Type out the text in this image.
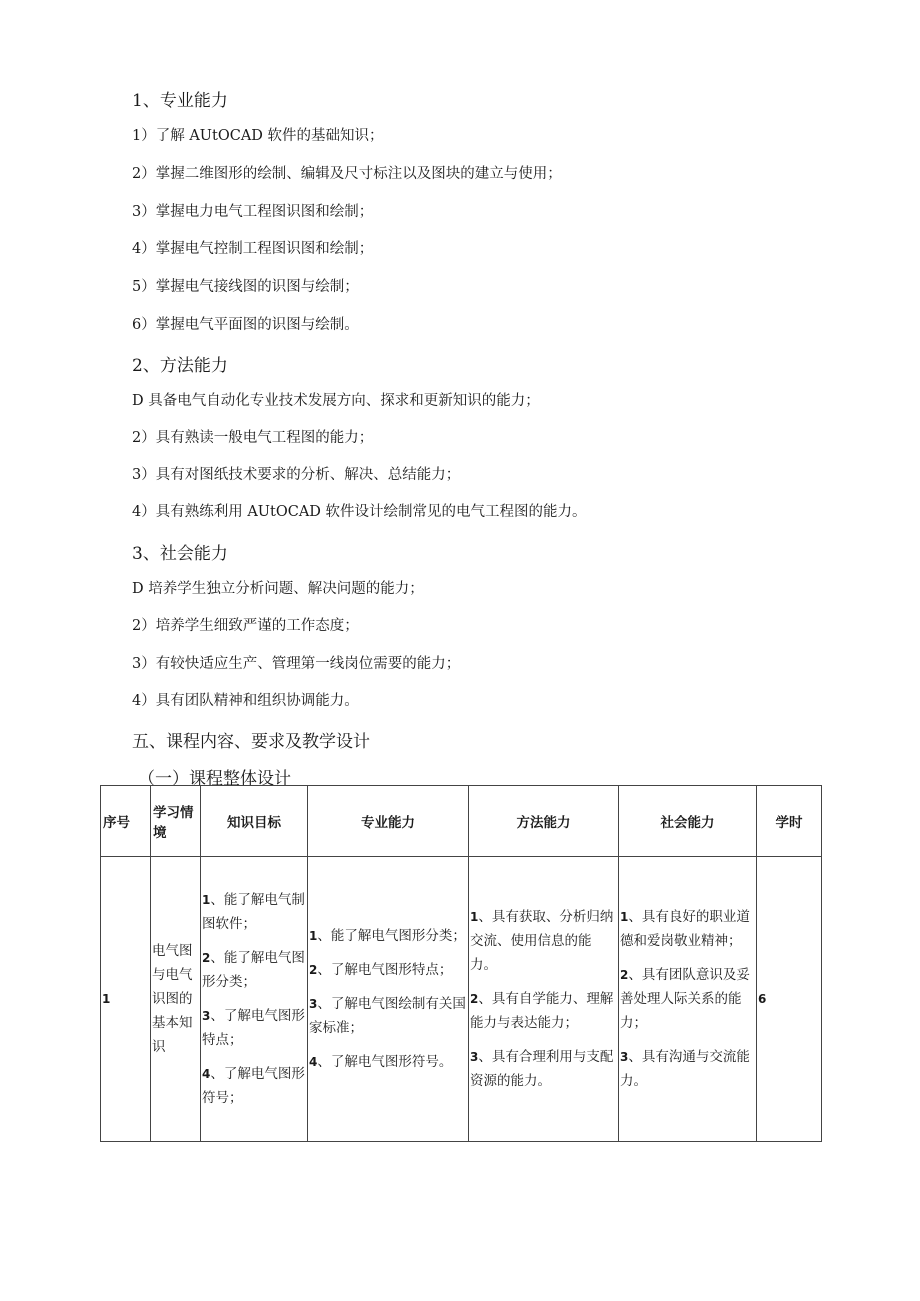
1、专业能力
1）了解 AUtOCAD 软件的基础知识；
2）掌握二维图形的绘制、编辑及尺寸标注以及图块的建立与使用；
3）掌握电力电气工程图识图和绘制；
4）掌握电气控制工程图识图和绘制；
5）掌握电气接线图的识图与绘制；
6）掌握电气平面图的识图与绘制。
2、方法能力
D 具备电气自动化专业技术发展方向、探求和更新知识的能力；
2）具有熟读一般电气工程图的能力；
3）具有对图纸技术要求的分析、解决、总结能力；
4）具有熟练利用 AUtOCAD 软件设计绘制常见的电气工程图的能力。
3、社会能力
D 培养学生独立分析问题、解决问题的能力；
2）培养学生细致严谨的工作态度；
3）有较快适应生产、管理第一线岗位需要的能力；
4）具有团队精神和组织协调能力。
五、课程内容、要求及教学设计
（一）课程整体设计
序号	学习情境	知识目标	专业能力	方法能力	社会能力	学时
1	电气图与电气识图的基本知识	1、能了解电气制图软件；
2、能了解电气图形分类；
3、了解电气图形特点；
4、了解电气图形符号；	1、能了解电气图形分类；
2、了解电气图形特点；
3、了解电气图绘制有关国家标准；
4、了解电气图形符号。	1、具有获取、分析归纳交流、使用信息的能力。
2、具有自学能力、理解能力与表达能力；
3、具有合理利用与支配资源的能力。	1、具有良好的职业道德和爱岗敬业精神；
2、具有团队意识及妥善处理人际关系的能力；
3、具有沟通与交流能力。	6
